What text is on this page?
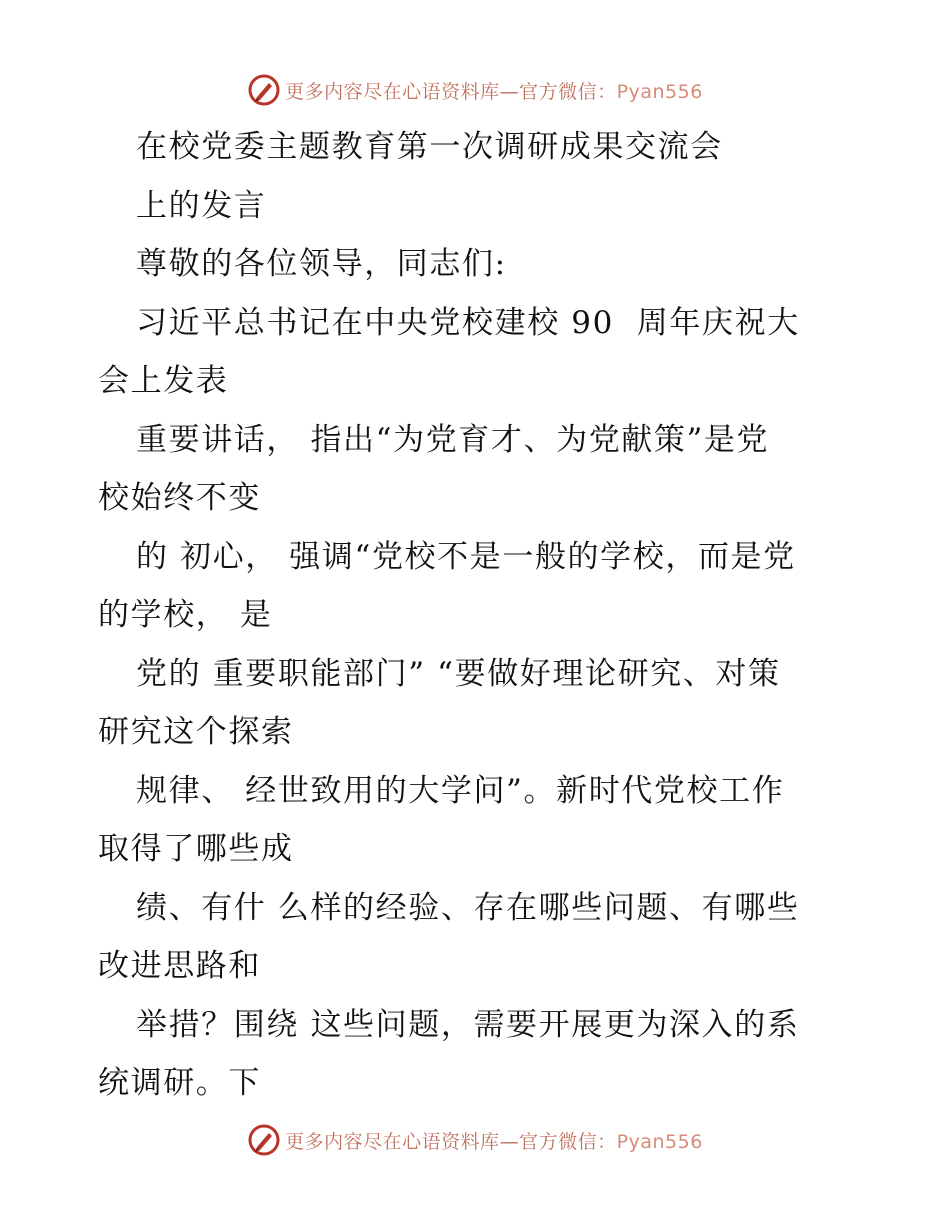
更多内容尽在心语资料库—官方微信：Pyan556
在校党委主题教育第一次调研成果交流会
上的发言
尊敬的各位领导，同志们:
习近平总书记在中央党校建校 90  周年庆祝大
会上发表
重要讲话， 指出“为党育才、为党献策”是党
校始终不变
的 初心， 强调“党校不是一般的学校，而是党
的学校， 是
党的 重要职能部门” “要做好理论研究、对策
研究这个探索
规律、 经世致用的大学问”。新时代党校工作
取得了哪些成
绩、有什 么样的经验、存在哪些问题、有哪些
改进思路和
举措？围绕 这些问题，需要开展更为深入的系
统调研。下
更多内容尽在心语资料库—官方微信：Pyan556
